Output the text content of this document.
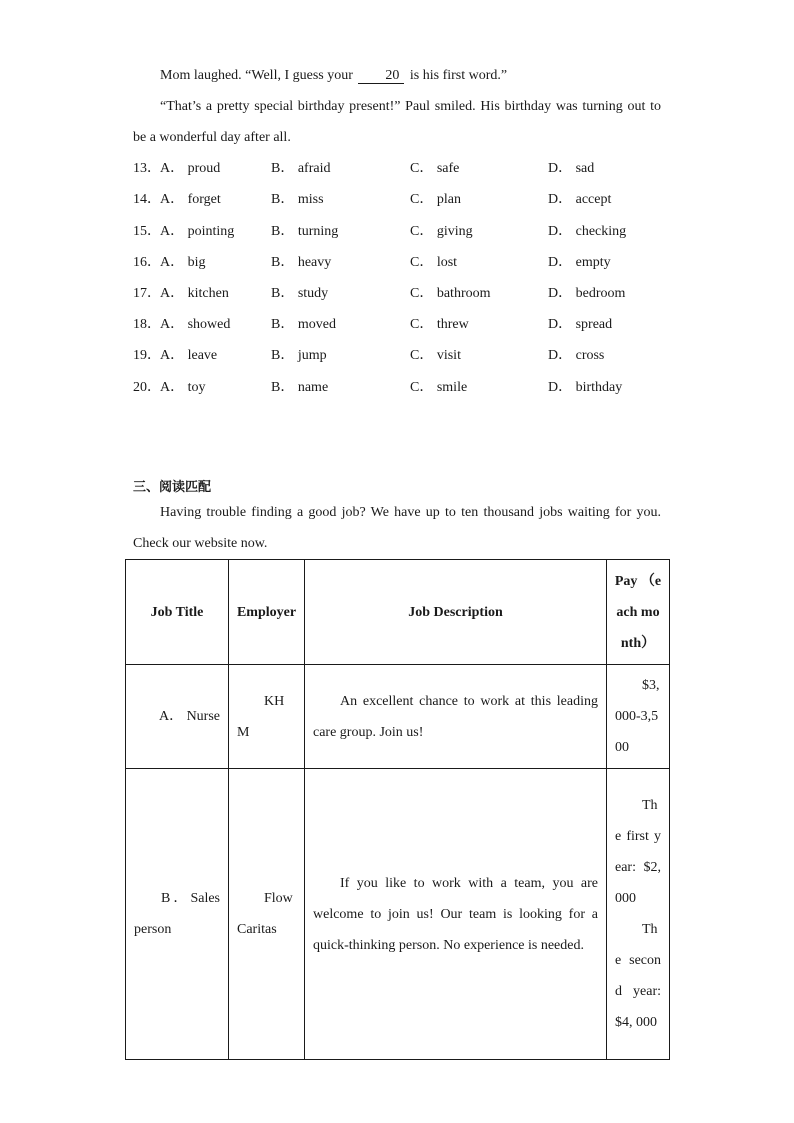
Mom laughed. “Well, I guess your 20 is his first word.”
“That’s a pretty special birthday present!” Paul smiled. His birthday was turning out to be a wonderful day after all.
13． A． proud	B． afraid	C． safe	D． sad
14． A． forget	B． miss	C． plan	D． accept
15． A． pointing	B． turning	C． giving	D． checking
16． A． big	B． heavy	C． lost	D． empty
17． A． kitchen	B． study	C． bathroom	D． bedroom
18． A． showed	B． moved	C． threw	D． spread
19． A． leave	B． jump	C． visit	D． cross
20． A． toy	B． name	C． smile	D． birthday
三、阅读匹配
Having trouble finding a good job? We have up to ten thousand jobs waiting for you. Check our website now.
Job Title	Employer	Job Description	Pay （each month）
A． Nurse	KHM	An excellent chance to work at this leading care group. Join us!	$3,000-3,500
B．Salesperson	FlowCaritas	If you like to work with a team, you are welcome to join us! Our team is looking for a quick-thinking person. No experience is needed.	The first year: $2, 000
The second year: $4, 000
